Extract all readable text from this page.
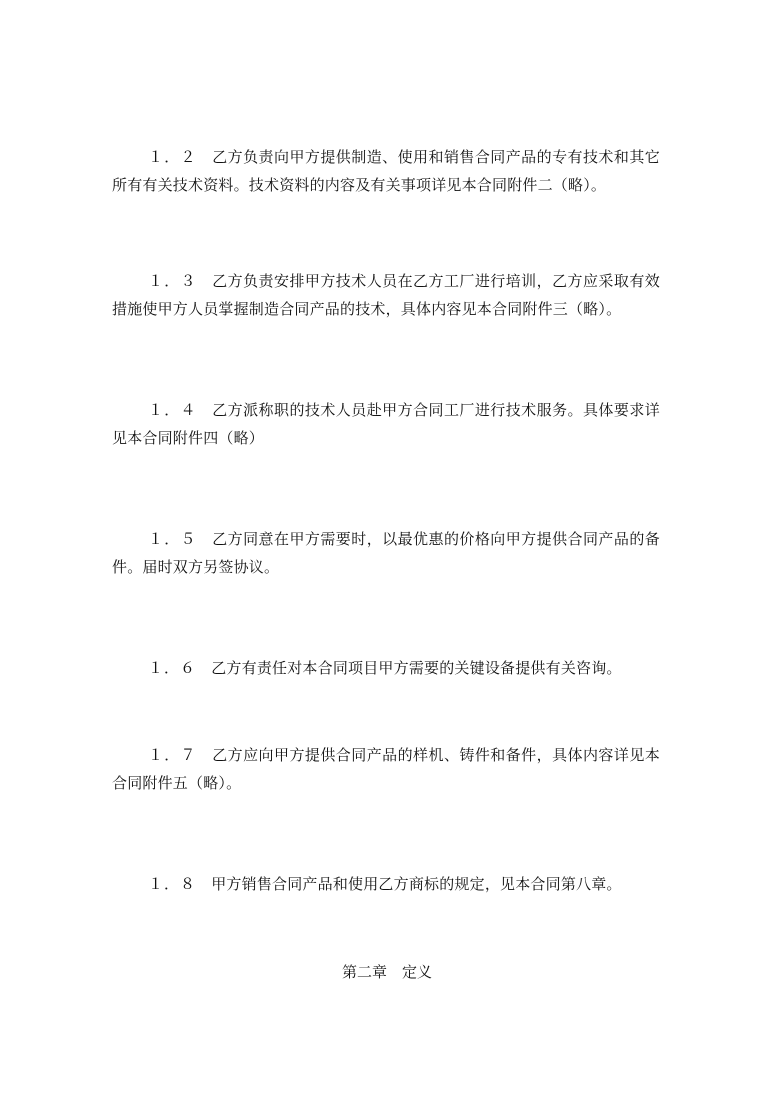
１．２　 乙方负责向甲方提供制造、使用和销售合同产品的专有技术和其它所有有关技术资料。技术资料的内容及有关事项详见本合同附件二（略）。

１．３　 乙方负责安排甲方技术人员在乙方工厂进行培训，乙方应采取有效措施使甲方人员掌握制造合同产品的技术，具体内容见本合同附件三（略）。

１．４　 乙方派称职的技术人员赴甲方合同工厂进行技术服务。具体要求详见本合同附件四（略）

１．５　 乙方同意在甲方需要时，以最优惠的价格向甲方提供合同产品的备件。届时双方另签协议。

１．６　 乙方有责任对本合同项目甲方需要的关键设备提供有关咨询。

１．７　 乙方应向甲方提供合同产品的样机、铸件和备件，具体内容详见本合同附件五（略）。

１．８　 甲方销售合同产品和使用乙方商标的规定，见本合同第八章。

第二章　定义
